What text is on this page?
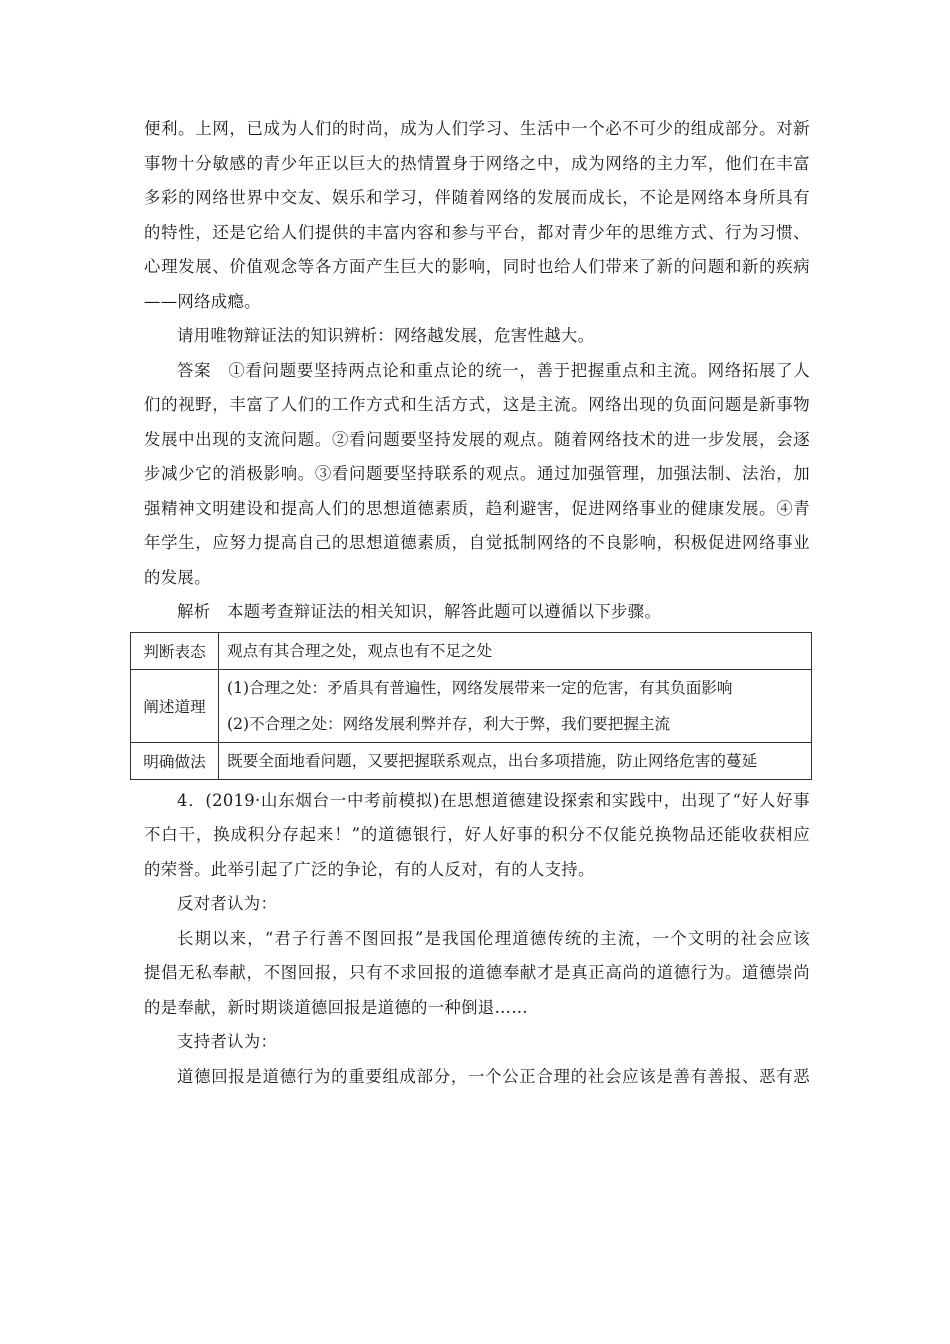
便利。上网，已成为人们的时尚，成为人们学习、生活中一个必不可少的组成部分。对新
事物十分敏感的青少年正以巨大的热情置身于网络之中，成为网络的主力军，他们在丰富
多彩的网络世界中交友、娱乐和学习，伴随着网络的发展而成长，不论是网络本身所具有
的特性，还是它给人们提供的丰富内容和参与平台，都对青少年的思维方式、行为习惯、
心理发展、价值观念等各方面产生巨大的影响，同时也给人们带来了新的问题和新的疾病
——网络成瘾。
请用唯物辩证法的知识辨析：网络越发展，危害性越大。
答案　①看问题要坚持两点论和重点论的统一，善于把握重点和主流。网络拓展了人
们的视野，丰富了人们的工作方式和生活方式，这是主流。网络出现的负面问题是新事物
发展中出现的支流问题。②看问题要坚持发展的观点。随着网络技术的进一步发展，会逐
步减少它的消极影响。③看问题要坚持联系的观点。通过加强管理，加强法制、法治，加
强精神文明建设和提高人们的思想道德素质，趋利避害，促进网络事业的健康发展。④青
年学生，应努力提高自己的思想道德素质，自觉抵制网络的不良影响，积极促进网络事业
的发展。
解析　本题考查辩证法的相关知识，解答此题可以遵循以下步骤。
判断表态	观点有其合理之处，观点也有不足之处

阐述道理	(1)合理之处：矛盾具有普遍性，网络发展带来一定的危害，有其负面影响
(2)不合理之处：网络发展利弊并存，利大于弊，我们要把握主流

明确做法	既要全面地看问题，又要把握联系观点，出台多项措施，防止网络危害的蔓延
4．(2019·山东烟台一中考前模拟)在思想道德建设探索和实践中，出现了“好人好事
不白干，换成积分存起来！”的道德银行，好人好事的积分不仅能兑换物品还能收获相应
的荣誉。此举引起了广泛的争论，有的人反对，有的人支持。
反对者认为：
长期以来，“君子行善不图回报”是我国伦理道德传统的主流，一个文明的社会应该
提倡无私奉献，不图回报，只有不求回报的道德奉献才是真正高尚的道德行为。道德崇尚
的是奉献，新时期谈道德回报是道德的一种倒退……
支持者认为：
道德回报是道德行为的重要组成部分，一个公正合理的社会应该是善有善报、恶有恶
